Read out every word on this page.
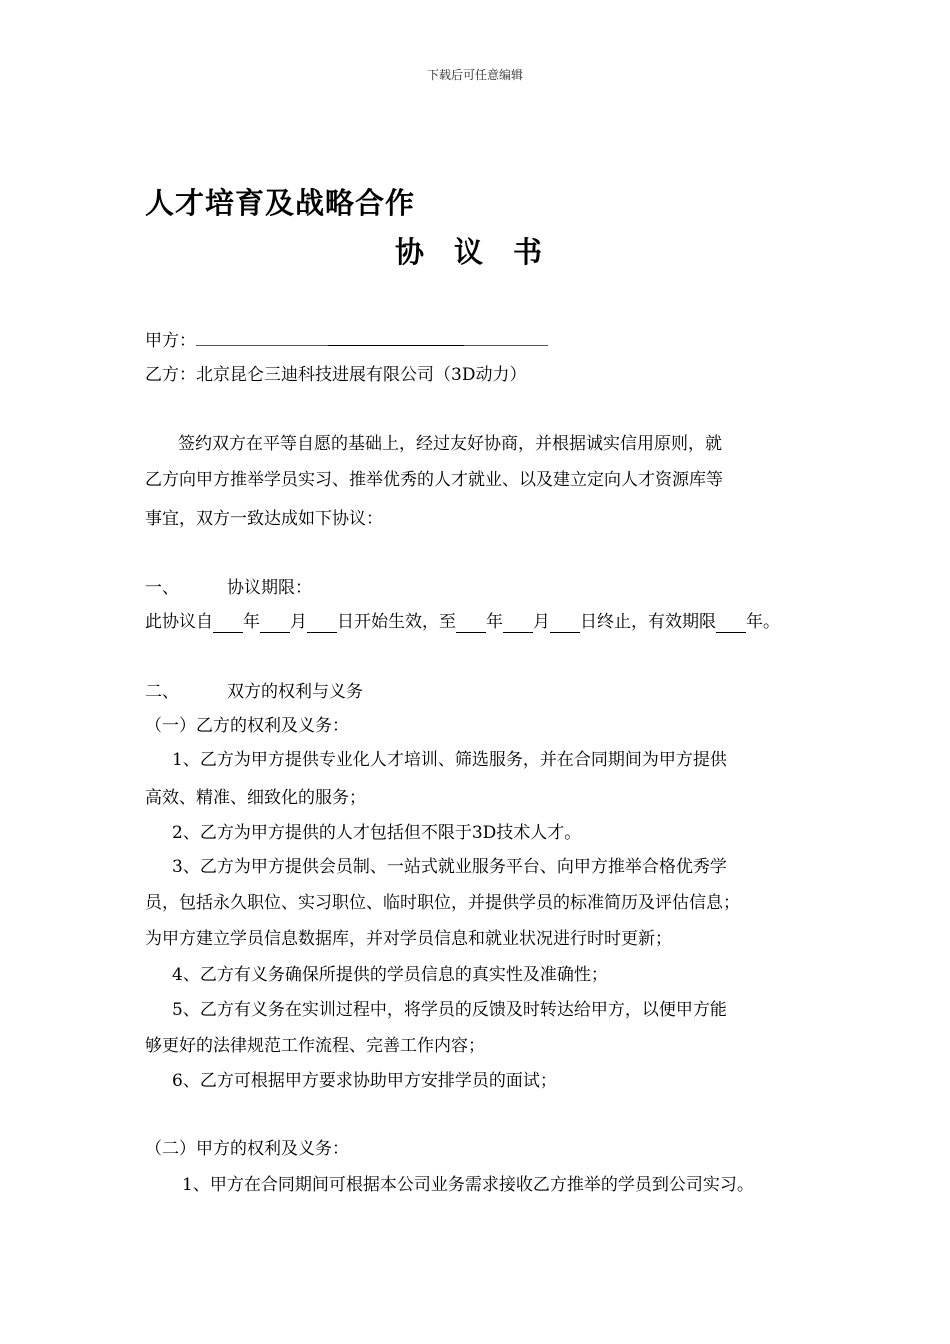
下载后可任意编辑
人才培育及战略合作
协议书
甲方：
乙方：北京昆仑三迪科技进展有限公司（3D动力）
签约双方在平等自愿的基础上，经过友好协商，并根据诚实信用原则，就
乙方向甲方推举学员实习、推举优秀的人才就业、以及建立定向人才资源库等
事宜，双方一致达成如下协议：
一、	协议期限：
此协议自 年 月 日开始生效，至 年 月 日终止，有效期限 年。
二、	双方的权利与义务
（一）乙方的权利及义务：
1、乙方为甲方提供专业化人才培训、筛选服务，并在合同期间为甲方提供
高效、精准、细致化的服务；
2、乙方为甲方提供的人才包括但不限于3D技术人才。
3、乙方为甲方提供会员制、一站式就业服务平台、向甲方推举合格优秀学
员，包括永久职位、实习职位、临时职位，并提供学员的标准简历及评估信息；
为甲方建立学员信息数据库，并对学员信息和就业状况进行时时更新；
4、乙方有义务确保所提供的学员信息的真实性及准确性；
5、乙方有义务在实训过程中，将学员的反馈及时转达给甲方，以便甲方能
够更好的法律规范工作流程、完善工作内容；
6、乙方可根据甲方要求协助甲方安排学员的面试；
（二）甲方的权利及义务：
1、甲方在合同期间可根据本公司业务需求接收乙方推举的学员到公司实习。
